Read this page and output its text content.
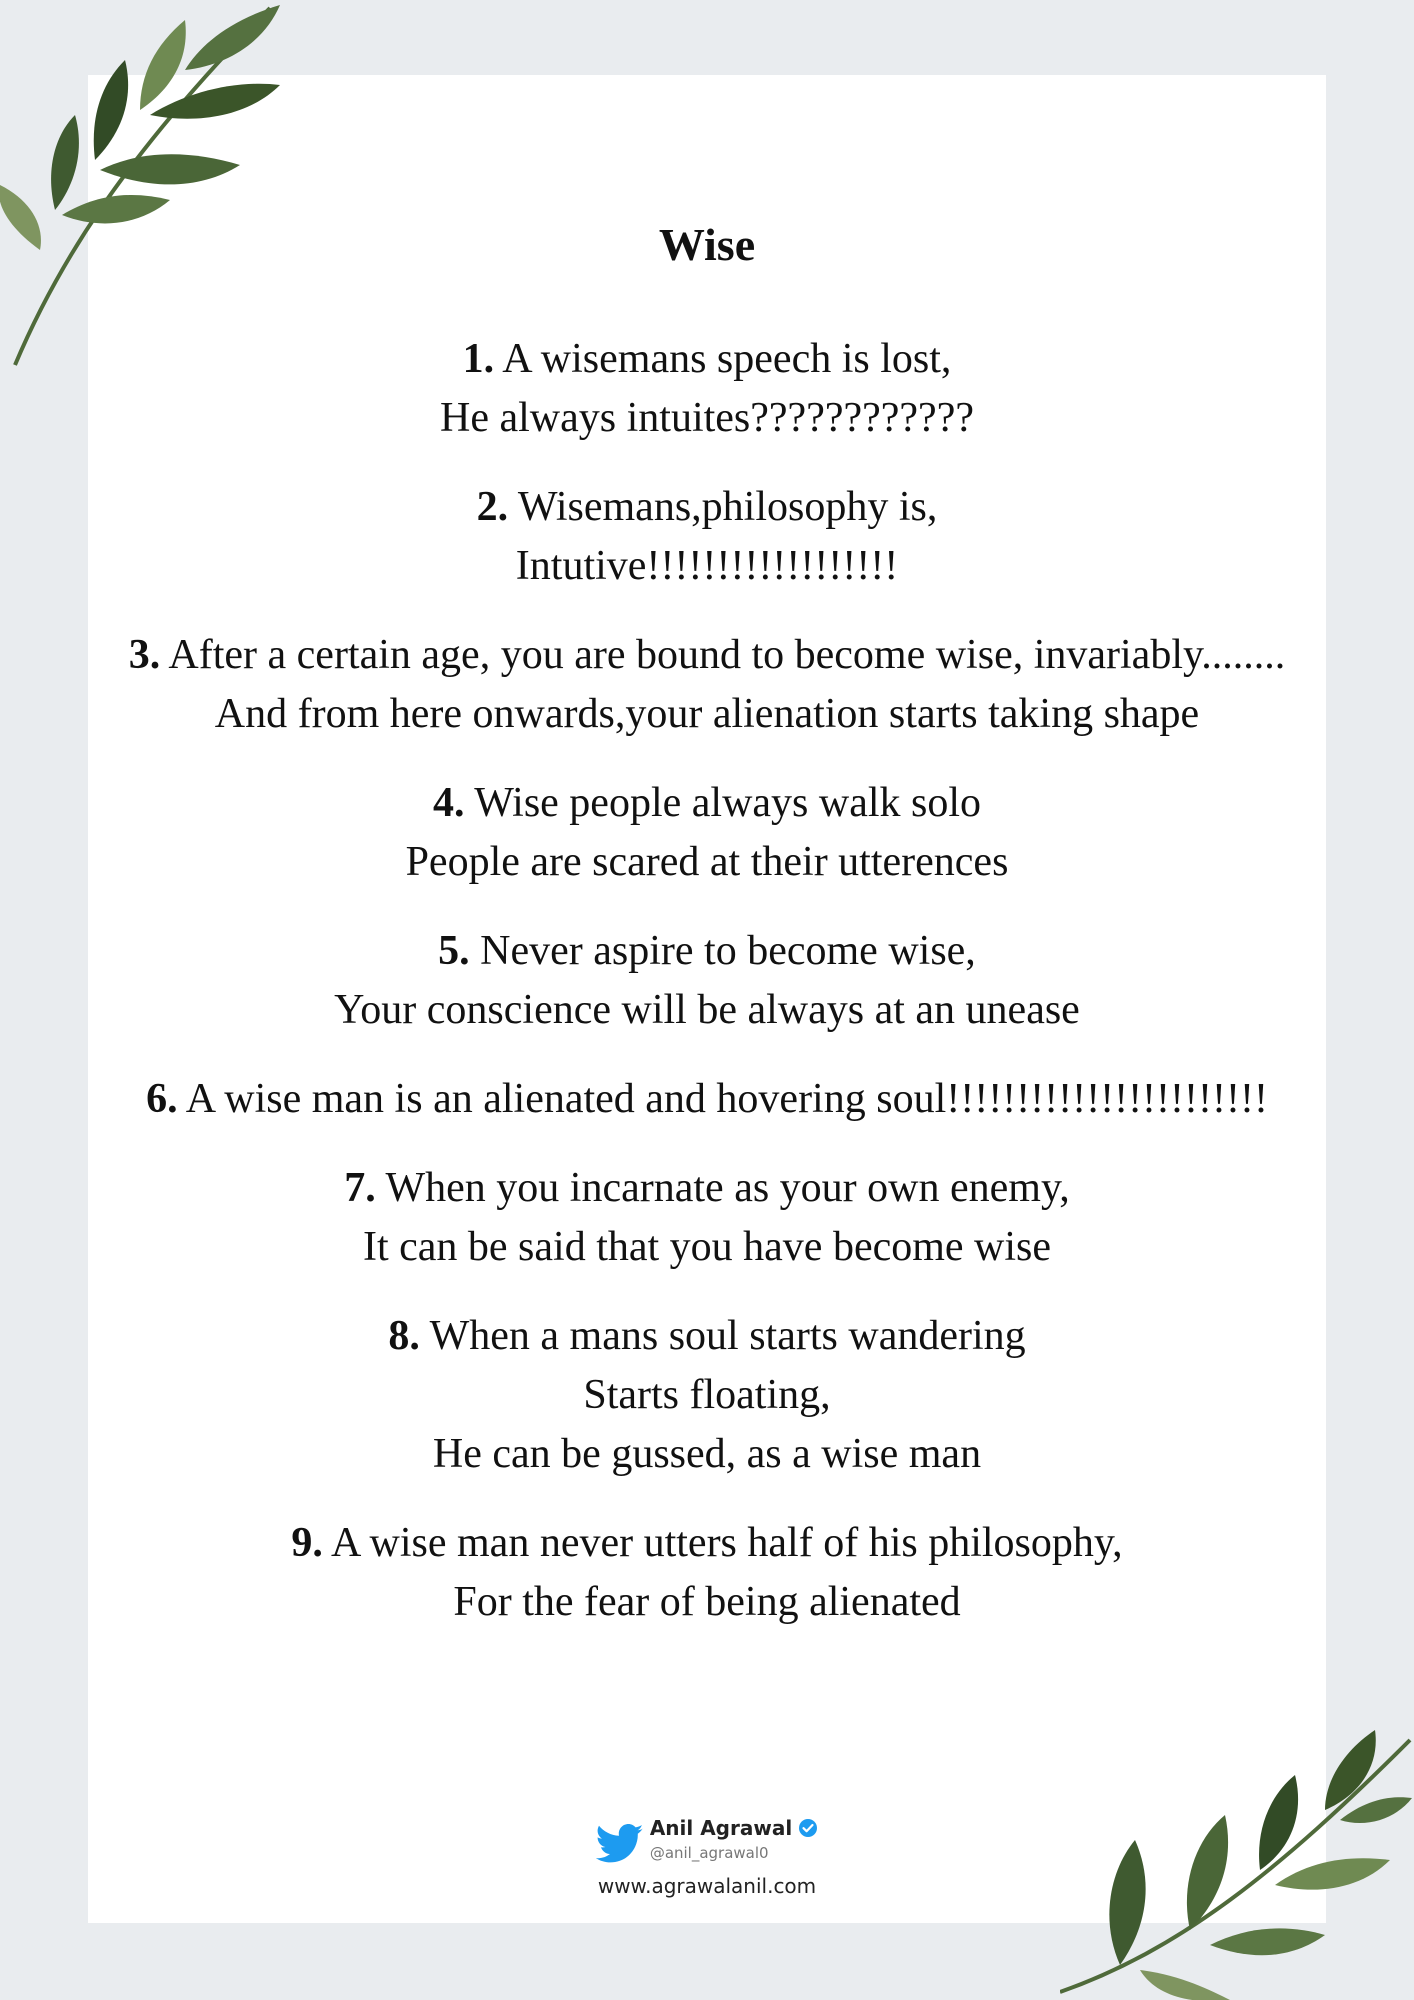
Wise
1. A wisemans speech is lost,
He always intuites????????????
2. Wisemans,philosophy is,
Intutive!!!!!!!!!!!!!!!!!!
3. After a certain age, you are bound to become wise, invariably........
And from here onwards,your alienation starts taking shape
4. Wise people always walk solo
People are scared at their utterences
5. Never aspire to become wise,
Your conscience will be always at an unease
6. A wise man is an alienated and hovering soul!!!!!!!!!!!!!!!!!!!!!!!
7. When you incarnate as your own enemy,
It can be said that you have become wise
8. When a mans soul starts wandering
Starts floating,
He can be gussed, as a wise man
9. A wise man never utters half of his philosophy,
For the fear of being alienated
Anil Agrawal
@anil_agrawal0
www.agrawalanil.com
